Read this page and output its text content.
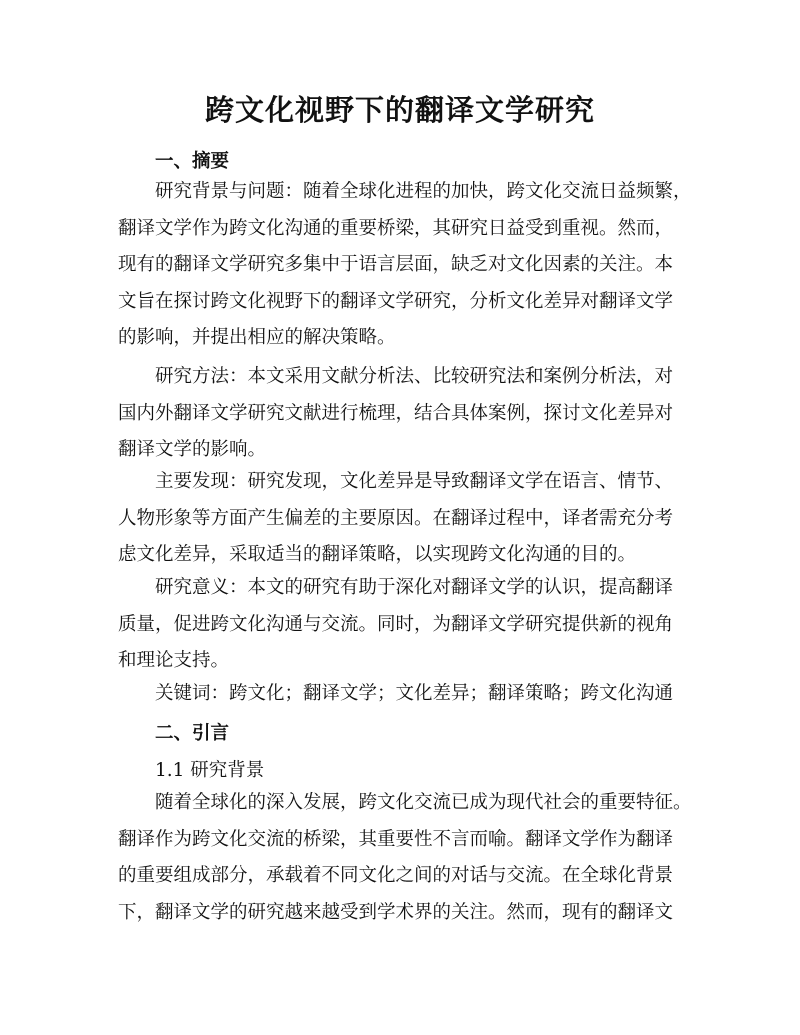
跨文化视野下的翻译文学研究
一、摘要
研究背景与问题：随着全球化进程的加快，跨文化交流日益频繁，
翻译文学作为跨文化沟通的重要桥梁，其研究日益受到重视。然而，
现有的翻译文学研究多集中于语言层面，缺乏对文化因素的关注。本
文旨在探讨跨文化视野下的翻译文学研究，分析文化差异对翻译文学
的影响，并提出相应的解决策略。
研究方法：本文采用文献分析法、比较研究法和案例分析法，对
国内外翻译文学研究文献进行梳理，结合具体案例，探讨文化差异对
翻译文学的影响。
主要发现：研究发现，文化差异是导致翻译文学在语言、情节、
人物形象等方面产生偏差的主要原因。在翻译过程中，译者需充分考
虑文化差异，采取适当的翻译策略，以实现跨文化沟通的目的。
研究意义：本文的研究有助于深化对翻译文学的认识，提高翻译
质量，促进跨文化沟通与交流。同时，为翻译文学研究提供新的视角
和理论支持。
关键词：跨文化；翻译文学；文化差异；翻译策略；跨文化沟通
二、引言
1.1 研究背景
随着全球化的深入发展，跨文化交流已成为现代社会的重要特征。
翻译作为跨文化交流的桥梁，其重要性不言而喻。翻译文学作为翻译
的重要组成部分，承载着不同文化之间的对话与交流。在全球化背景
下，翻译文学的研究越来越受到学术界的关注。然而，现有的翻译文
